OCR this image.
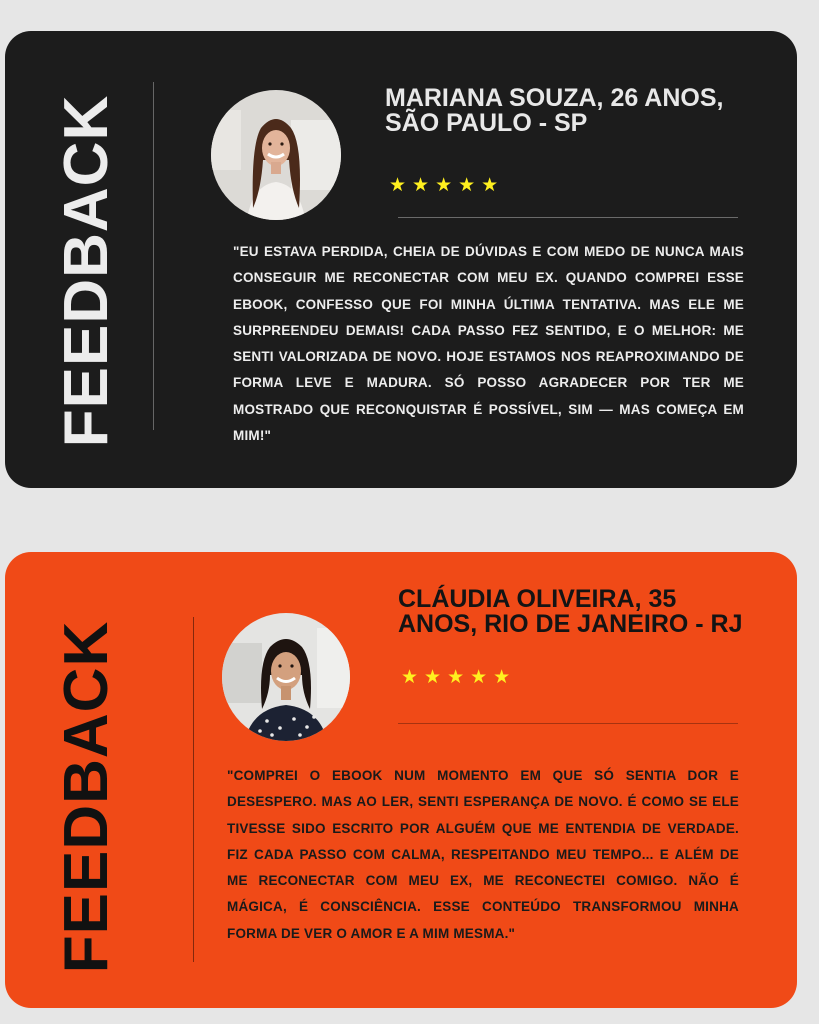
FEEDBACK	MARIANA SOUZA, 26 ANOS, SÃO PAULO - SP
★★★★★

"EU ESTAVA PERDIDA, CHEIA DE DÚVIDAS E COM MEDO DE NUNCA MAIS CONSEGUIR ME RECONECTAR COM MEU EX. QUANDO COMPREI ESSE EBOOK, CONFESSO QUE FOI MINHA ÚLTIMA TENTATIVA. MAS ELE ME SURPREENDEU DEMAIS! CADA PASSO FEZ SENTIDO, E O MELHOR: ME SENTI VALORIZADA DE NOVO. HOJE ESTAMOS NOS REAPROXIMANDO DE FORMA LEVE E MADURA. SÓ POSSO AGRADECER POR TER ME MOSTRADO QUE RECONQUISTAR É POSSÍVEL, SIM — MAS COMEÇA EM MIM!"

FEEDBACK
CLÁUDIA OLIVEIRA, 35 ANOS, RIO DE JANEIRO - RJ
★★★★★

"COMPREI O EBOOK NUM MOMENTO EM QUE SÓ SENTIA DOR E DESESPERO. MAS AO LER, SENTI ESPERANÇA DE NOVO. É COMO SE ELE TIVESSE SIDO ESCRITO POR ALGUÉM QUE ME ENTENDIA DE VERDADE. FIZ CADA PASSO COM CALMA, RESPEITANDO MEU TEMPO... E ALÉM DE ME RECONECTAR COM MEU EX, ME RECONECTEI COMIGO. NÃO É MÁGICA, É CONSCIÊNCIA. ESSE CONTEÚDO TRANSFORMOU MINHA FORMA DE VER O AMOR E A MIM MESMA."
